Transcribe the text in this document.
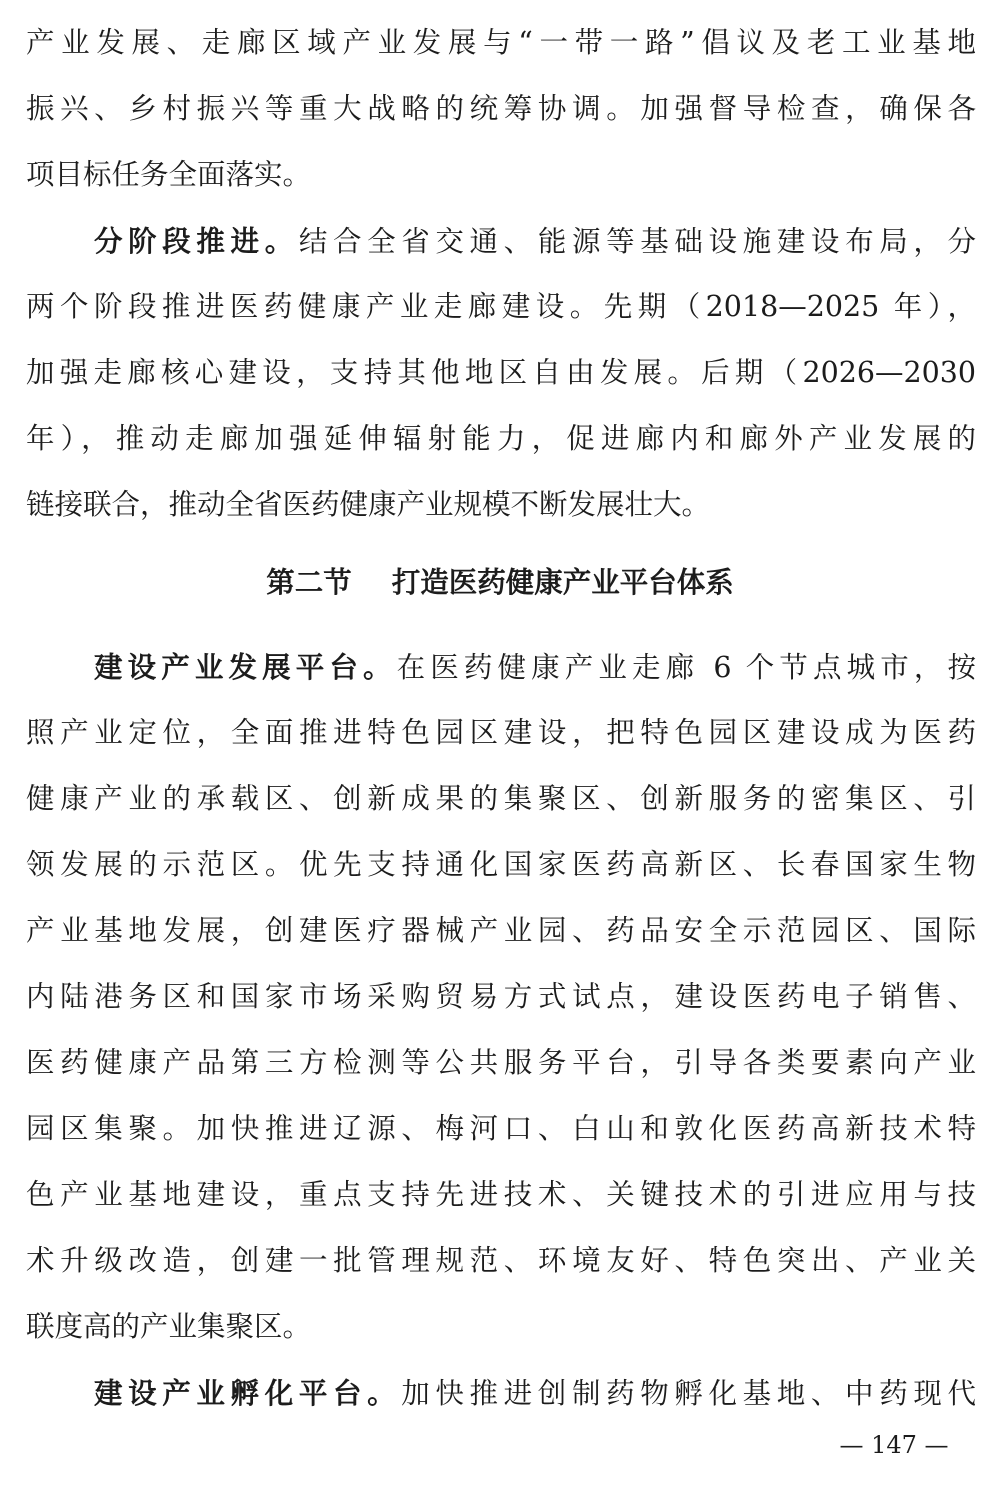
产业发展、走廊区域产业发展与“一带一路”倡议及老工业基地
振兴、乡村振兴等重大战略的统筹协调。加强督导检查，确保各
项目标任务全面落实。
分阶段推进。结合全省交通、能源等基础设施建设布局，分
两个阶段推进医药健康产业走廊建设。先期（2018—2025 年），
加强走廊核心建设，支持其他地区自由发展。后期（2026—2030
年），推动走廊加强延伸辐射能力，促进廊内和廊外产业发展的
链接联合，推动全省医药健康产业规模不断发展壮大。
第二节 打造医药健康产业平台体系
建设产业发展平台。在医药健康产业走廊 6 个节点城市，按
照产业定位，全面推进特色园区建设，把特色园区建设成为医药
健康产业的承载区、创新成果的集聚区、创新服务的密集区、引
领发展的示范区。优先支持通化国家医药高新区、长春国家生物
产业基地发展，创建医疗器械产业园、药品安全示范园区、国际
内陆港务区和国家市场采购贸易方式试点，建设医药电子销售、
医药健康产品第三方检测等公共服务平台，引导各类要素向产业
园区集聚。加快推进辽源、梅河口、白山和敦化医药高新技术特
色产业基地建设，重点支持先进技术、关键技术的引进应用与技
术升级改造，创建一批管理规范、环境友好、特色突出、产业关
联度高的产业集聚区。
建设产业孵化平台。加快推进创制药物孵化基地、中药现代
— 147 —
